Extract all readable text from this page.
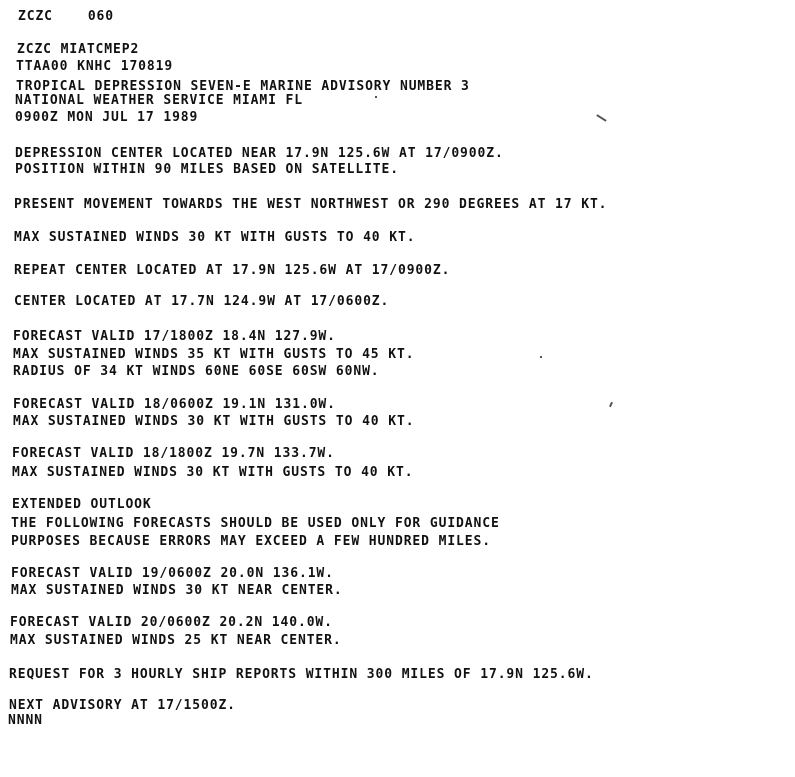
ZCZC    060
ZCZC MIATCMEP2
TTAA00 KNHC 170819
TROPICAL DEPRESSION SEVEN-E MARINE ADVISORY NUMBER 3
NATIONAL WEATHER SERVICE MIAMI FL
0900Z MON JUL 17 1989
DEPRESSION CENTER LOCATED NEAR 17.9N 125.6W AT 17/0900Z.
POSITION WITHIN 90 MILES BASED ON SATELLITE.
PRESENT MOVEMENT TOWARDS THE WEST NORTHWEST OR 290 DEGREES AT 17 KT.
MAX SUSTAINED WINDS 30 KT WITH GUSTS TO 40 KT.
REPEAT CENTER LOCATED AT 17.9N 125.6W AT 17/0900Z.
CENTER LOCATED AT 17.7N 124.9W AT 17/0600Z.
FORECAST VALID 17/1800Z 18.4N 127.9W.
MAX SUSTAINED WINDS 35 KT WITH GUSTS TO 45 KT.
RADIUS OF 34 KT WINDS 60NE 60SE 60SW 60NW.
FORECAST VALID 18/0600Z 19.1N 131.0W.
MAX SUSTAINED WINDS 30 KT WITH GUSTS TO 40 KT.
FORECAST VALID 18/1800Z 19.7N 133.7W.
MAX SUSTAINED WINDS 30 KT WITH GUSTS TO 40 KT.
EXTENDED OUTLOOK
THE FOLLOWING FORECASTS SHOULD BE USED ONLY FOR GUIDANCE
PURPOSES BECAUSE ERRORS MAY EXCEED A FEW HUNDRED MILES.
FORECAST VALID 19/0600Z 20.0N 136.1W.
MAX SUSTAINED WINDS 30 KT NEAR CENTER.
FORECAST VALID 20/0600Z 20.2N 140.0W.
MAX SUSTAINED WINDS 25 KT NEAR CENTER.
REQUEST FOR 3 HOURLY SHIP REPORTS WITHIN 300 MILES OF 17.9N 125.6W.
NEXT ADVISORY AT 17/1500Z.
NNNN
